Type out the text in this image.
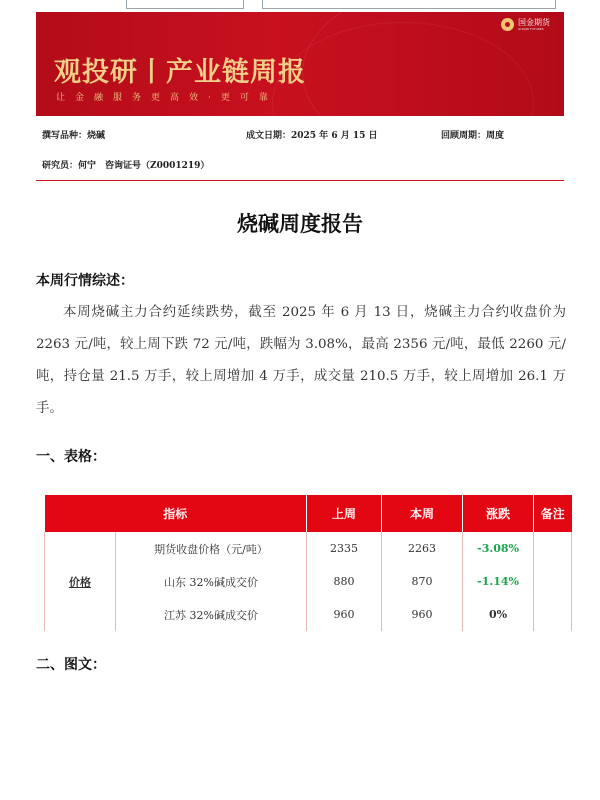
国金期货
GUOJIN FUTURES
观投研丨产业链周报
让金融服务更高效·更可靠
撰写品种：烧碱	成文日期：2025 年 6 月 15 日	回顾周期：周度
研究员：何宁　咨询证号（Z0001219）
烧碱周度报告
本周行情综述：
本周烧碱主力合约延续跌势，截至 2025 年 6 月 13 日，烧碱主力合约收盘价为 2263 元/吨，较上周下跌 72 元/吨，跌幅为 3.08%，最高 2356 元/吨，最低 2260 元/吨，持仓量 21.5 万手，较上周增加 4 万手，成交量 210.5 万手，较上周增加 26.1 万手。
一、表格：
指标		上周	本周	涨跌	备注
价格	期货收盘价格（元/吨）	2335	2263	-3.08%	
	山东 32%碱成交价	880	870	-1.14%	
	江苏 32%碱成交价	960	960	0%	
二、图文：
